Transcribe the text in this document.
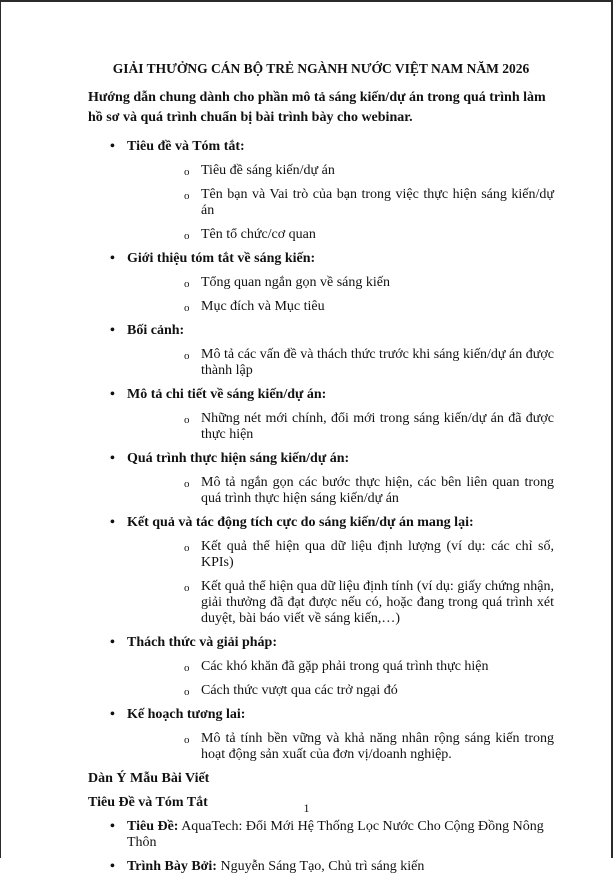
GIẢI THƯỞNG CÁN BỘ TRẺ NGÀNH NƯỚC VIỆT NAM NĂM 2026
Hướng dẫn chung dành cho phần mô tả sáng kiến/dự án trong quá trình làm hồ sơ và quá trình chuẩn bị bài trình bày cho webinar.
• Tiêu đề và Tóm tắt:
o Tiêu đề sáng kiến/dự án
o Tên bạn và Vai trò của bạn trong việc thực hiện sáng kiến/dự án
o Tên tổ chức/cơ quan
• Giới thiệu tóm tắt về sáng kiến:
o Tổng quan ngắn gọn về sáng kiến
o Mục đích và Mục tiêu
• Bối cảnh:
o Mô tả các vấn đề và thách thức trước khi sáng kiến/dự án được thành lập
• Mô tả chi tiết về sáng kiến/dự án:
o Những nét mới chính, đổi mới trong sáng kiến/dự án đã được thực hiện
• Quá trình thực hiện sáng kiến/dự án:
o Mô tả ngắn gọn các bước thực hiện, các bên liên quan trong quá trình thực hiện sáng kiến/dự án
• Kết quả và tác động tích cực do sáng kiến/dự án mang lại:
o Kết quả thể hiện qua dữ liệu định lượng (ví dụ: các chỉ số, KPIs)
o Kết quả thể hiện qua dữ liệu định tính (ví dụ: giấy chứng nhận, giải thưởng đã đạt được nếu có, hoặc đang trong quá trình xét duyệt, bài báo viết về sáng kiến,…)
• Thách thức và giải pháp:
o Các khó khăn đã gặp phải trong quá trình thực hiện
o Cách thức vượt qua các trở ngại đó
• Kế hoạch tương lai:
o Mô tả tính bền vững và khả năng nhân rộng sáng kiến trong hoạt động sản xuất của đơn vị/doanh nghiệp.
Dàn Ý Mẫu Bài Viết
Tiêu Đề và Tóm Tắt
• Tiêu Đề: AquaTech: Đổi Mới Hệ Thống Lọc Nước Cho Cộng Đồng Nông Thôn
• Trình Bày Bởi: Nguyễn Sáng Tạo, Chủ trì sáng kiến
1
